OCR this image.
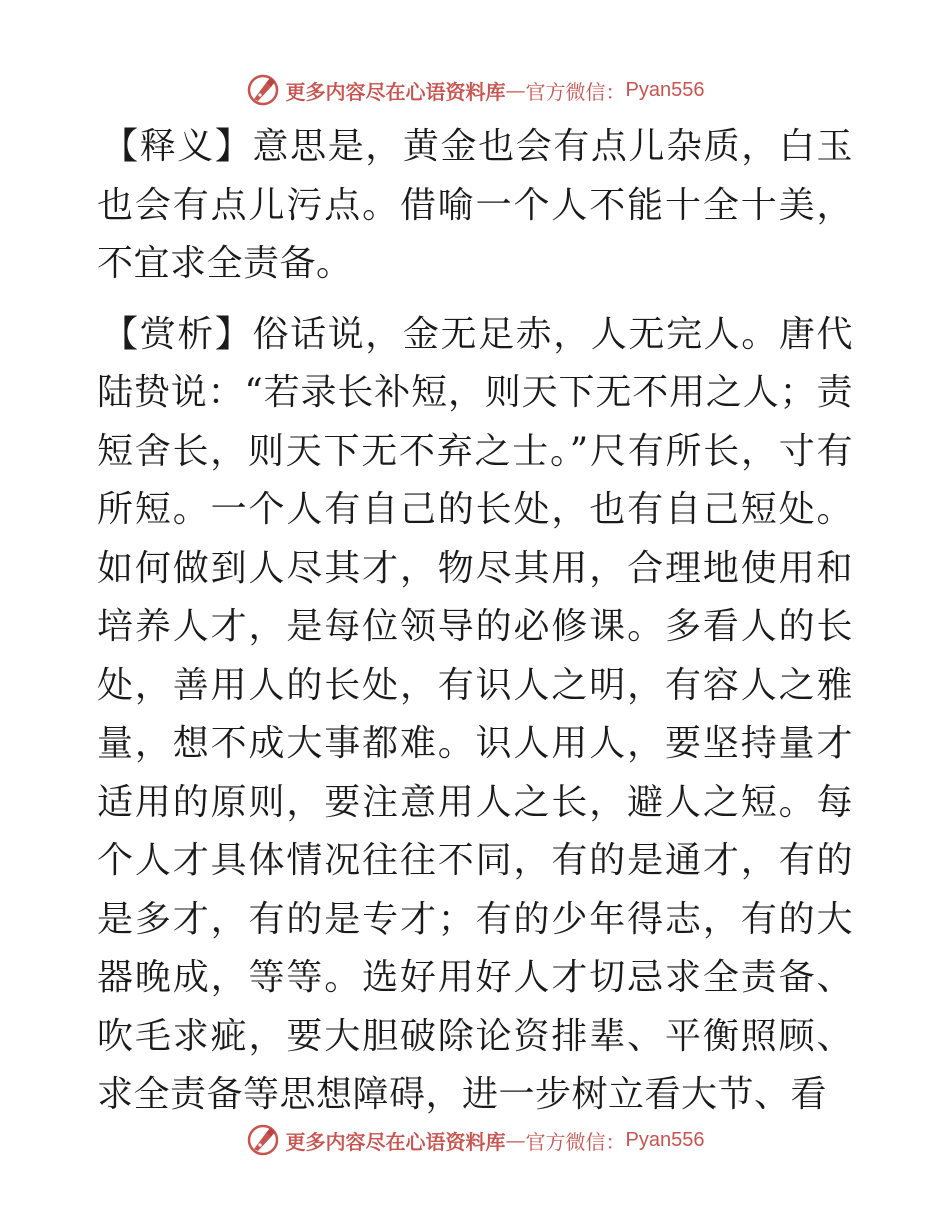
更多内容尽在心语资料库 — 官方微信： Pyan556

【释义】意思是，黄金也会有点儿杂质，白玉也会有点儿污点。借喻一个人不能十全十美，不宜求全责备。

【赏析】俗话说，金无足赤，人无完人。唐代陆贽说：“若录长补短，则天下无不用之人；责短舍长，则天下无不弃之士。”尺有所长，寸有所短。一个人有自己的长处，也有自己短处。如何做到人尽其才，物尽其用，合理地使用和培养人才，是每位领导的必修课。多看人的长处，善用人的长处，有识人之明，有容人之雅量，想不成大事都难。识人用人，要坚持量才适用的原则，要注意用人之长，避人之短。每个人才具体情况往往不同，有的是通才，有的是多才，有的是专才；有的少年得志，有的大器晚成，等等。选好用好人才切忌求全责备、吹毛求疵，要大胆破除论资排辈、平衡照顾、求全责备等思想障碍，进一步树立看大节、看

更多内容尽在心语资料库 — 官方微信： Pyan556
